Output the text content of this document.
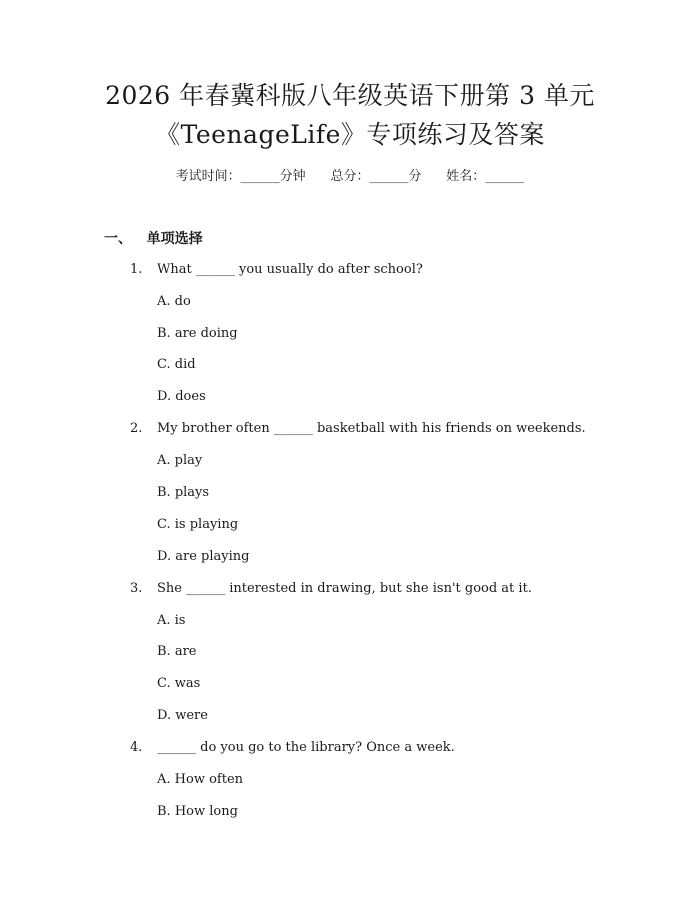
2026 年春冀科版八年级英语下册第 3 单元
《TeenageLife》专项练习及答案
考试时间：______分钟 总分：______分 姓名：______
一、 单项选择
1. What ______ you usually do after school?
A. do
B. are doing
C. did
D. does
2. My brother often ______ basketball with his friends on weekends.
A. play
B. plays
C. is playing
D. are playing
3. She ______ interested in drawing, but she isn't good at it.
A. is
B. are
C. was
D. were
4. ______ do you go to the library? Once a week.
A. How often
B. How long
